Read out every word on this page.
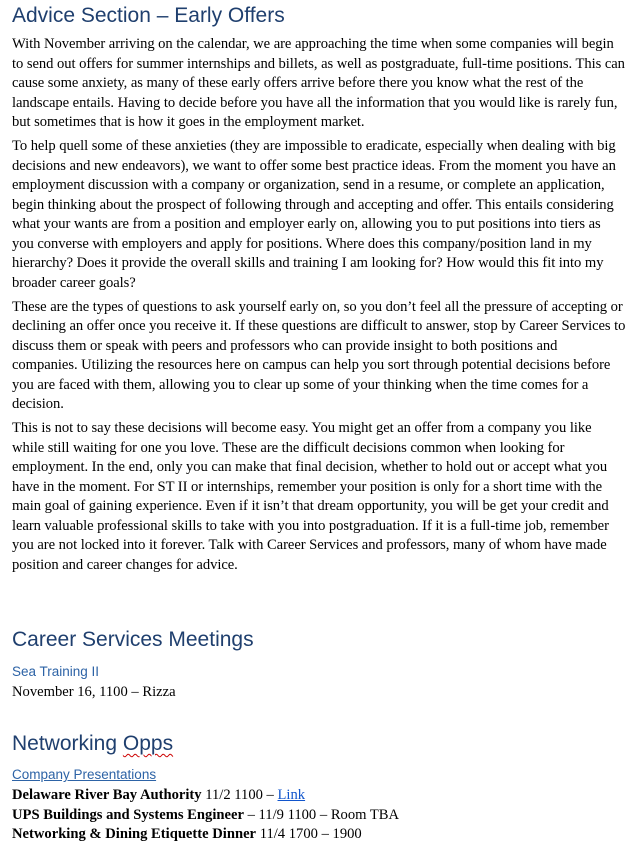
Advice Section – Early Offers

With November arriving on the calendar, we are approaching the time when some companies will begin to send out offers for summer internships and billets, as well as postgraduate, full-time positions. This can cause some anxiety, as many of these early offers arrive before there you know what the rest of the landscape entails. Having to decide before you have all the information that you would like is rarely fun, but sometimes that is how it goes in the employment market.

To help quell some of these anxieties (they are impossible to eradicate, especially when dealing with big decisions and new endeavors), we want to offer some best practice ideas. From the moment you have an employment discussion with a company or organization, send in a resume, or complete an application, begin thinking about the prospect of following through and accepting and offer. This entails considering what your wants are from a position and employer early on, allowing you to put positions into tiers as you converse with employers and apply for positions. Where does this company/position land in my hierarchy? Does it provide the overall skills and training I am looking for? How would this fit into my broader career goals?

These are the types of questions to ask yourself early on, so you don’t feel all the pressure of accepting or declining an offer once you receive it. If these questions are difficult to answer, stop by Career Services to discuss them or speak with peers and professors who can provide insight to both positions and companies. Utilizing the resources here on campus can help you sort through potential decisions before you are faced with them, allowing you to clear up some of your thinking when the time comes for a decision.

This is not to say these decisions will become easy. You might get an offer from a company you like while still waiting for one you love. These are the difficult decisions common when looking for employment. In the end, only you can make that final decision, whether to hold out or accept what you have in the moment. For ST II or internships, remember your position is only for a short time with the main goal of gaining experience. Even if it isn’t that dream opportunity, you will be get your credit and learn valuable professional skills to take with you into postgraduation. If it is a full-time job, remember you are not locked into it forever. Talk with Career Services and professors, many of whom have made position and career changes for advice.

Career Services Meetings
Sea Training II
November 16, 1100 – Rizza
Networking Opps
Company Presentations
Delaware River Bay Authority 11/2 1100 – Link
UPS Buildings and Systems Engineer – 11/9 1100 – Room TBA
Networking & Dining Etiquette Dinner 11/4 1700 – 1900
